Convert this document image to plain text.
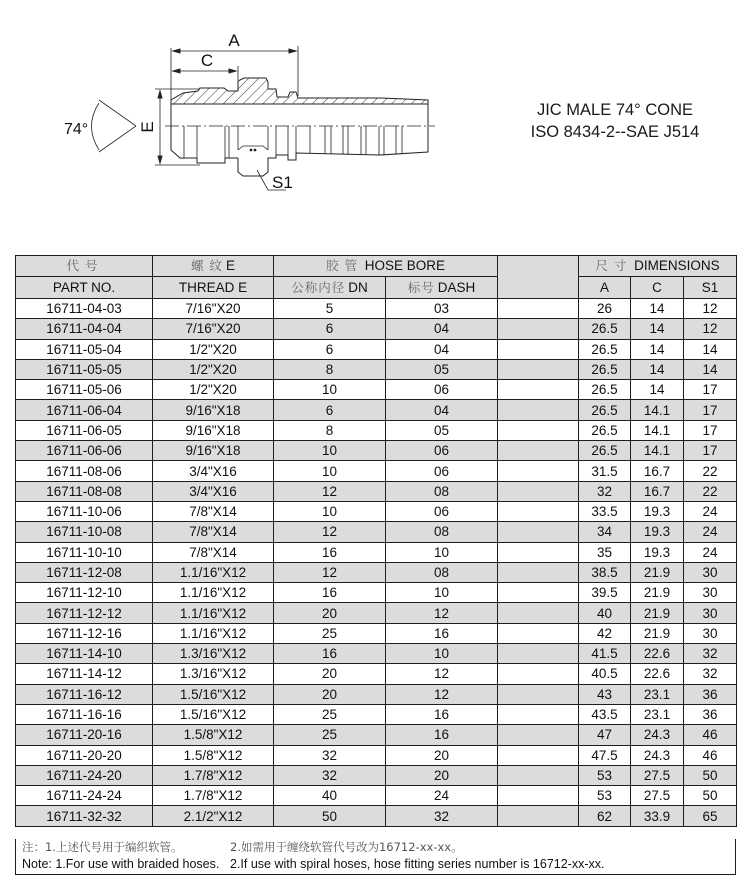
A
C
E
S1
74°
JIC MALE 74° CONE
ISO 8434-2--SAE J514
代 号	螺 纹 E	胶 管 HOSE BORE			尺 寸 DIMENSIONS		
PART NO.	THREAD E	公称内径 DN	标号 DASH		A	C	S1
16711-04-03	7/16"X20	5	03		26	14	12
16711-04-04	7/16"X20	6	04		26.5	14	12
16711-05-04	1/2"X20	6	04		26.5	14	14
16711-05-05	1/2"X20	8	05		26.5	14	14
16711-05-06	1/2"X20	10	06		26.5	14	17
16711-06-04	9/16"X18	6	04		26.5	14.1	17
16711-06-05	9/16"X18	8	05		26.5	14.1	17
16711-06-06	9/16"X18	10	06		26.5	14.1	17
16711-08-06	3/4"X16	10	06		31.5	16.7	22
16711-08-08	3/4"X16	12	08		32	16.7	22
16711-10-06	7/8"X14	10	06		33.5	19.3	24
16711-10-08	7/8"X14	12	08		34	19.3	24
16711-10-10	7/8"X14	16	10		35	19.3	24
16711-12-08	1.1/16"X12	12	08		38.5	21.9	30
16711-12-10	1.1/16"X12	16	10		39.5	21.9	30
16711-12-12	1.1/16"X12	20	12		40	21.9	30
16711-12-16	1.1/16"X12	25	16		42	21.9	30
16711-14-10	1.3/16"X12	16	10		41.5	22.6	32
16711-14-12	1.3/16"X12	20	12		40.5	22.6	32
16711-16-12	1.5/16"X12	20	12		43	23.1	36
16711-16-16	1.5/16"X12	25	16		43.5	23.1	36
16711-20-16	1.5/8"X12	25	16		47	24.3	46
16711-20-20	1.5/8"X12	32	20		47.5	24.3	46
16711-24-20	1.7/8"X12	32	20		53	27.5	50
16711-24-24	1.7/8"X12	40	24		53	27.5	50
16711-32-32	2.1/2"X12	50	32		62	33.9	65
注：1.上述代号用于编织软管。	2.如需用于缠绕软管代号改为16712-xx-xx。
Note: 1.For use with braided hoses. 2.If use with spiral hoses, hose fitting series number is 16712-xx-xx.
